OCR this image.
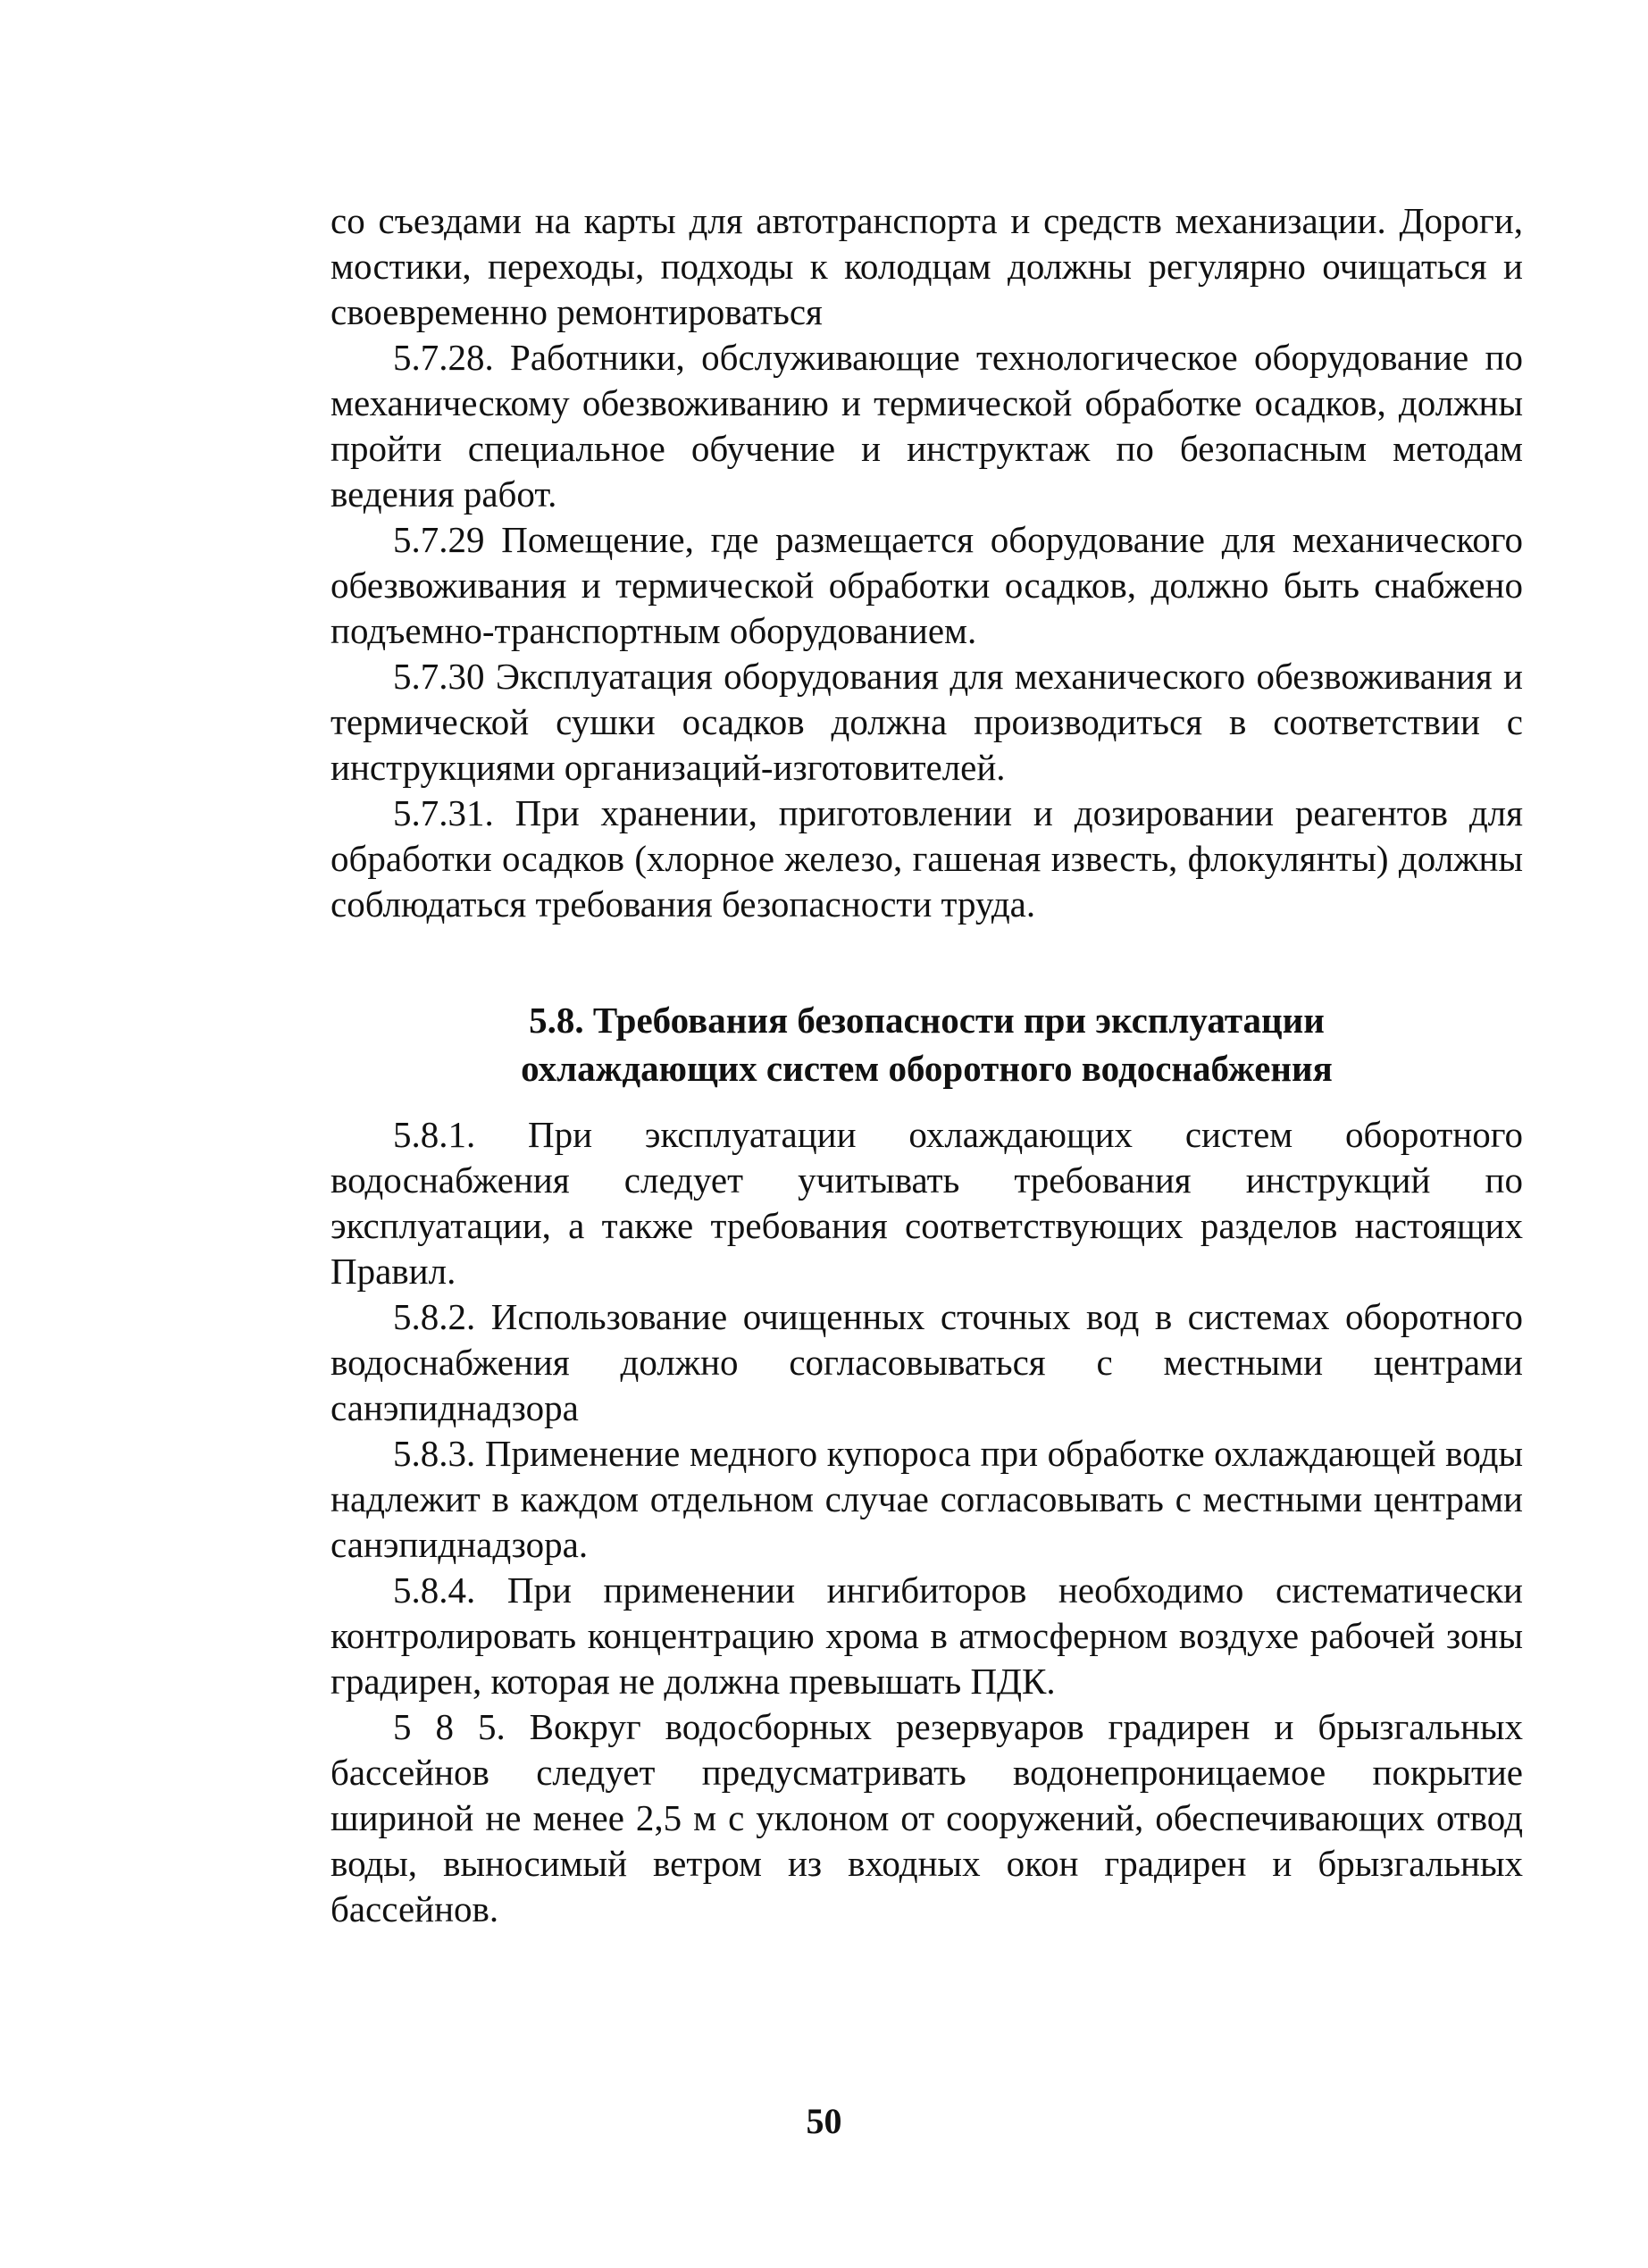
со съездами на карты для автотранспорта и средств механизации. Дороги, мостики, переходы, подходы к колодцам должны регулярно очищаться и своевременно ремонтироваться

5.7.28. Работники, обслуживающие технологическое оборудование по механическому обезвоживанию и термической обработке осадков, должны пройти специальное обучение и инструктаж по безопасным методам ведения работ.

5.7.29 Помещение, где размещается оборудование для механического обезвоживания и термической обработки осадков, должно быть снабжено подъемно-транспортным оборудованием.

5.7.30 Эксплуатация оборудования для механического обезвоживания и термической сушки осадков должна производиться в соответствии с инструкциями организаций-изготовителей.

5.7.31. При хранении, приготовлении и дозировании реагентов для обработки осадков (хлорное железо, гашеная известь, флокулянты) должны соблюдаться требования безопасности труда.

5.8. Требования безопасности при эксплуатации
охлаждающих систем оборотного водоснабжения

5.8.1. При эксплуатации охлаждающих систем оборотного водоснабжения следует учитывать требования инструкций по эксплуатации, а также требования соответствующих разделов настоящих Правил.

5.8.2. Использование очищенных сточных вод в системах оборотного водоснабжения должно согласовываться с местными центрами санэпиднадзора

5.8.3. Применение медного купороса при обработке охлаждающей воды надлежит в каждом отдельном случае согласовывать с местными центрами санэпиднадзора.

5.8.4. При применении ингибиторов необходимо систематически контролировать концентрацию хрома в атмосферном воздухе рабочей зоны градирен, которая не должна превышать ПДК.

5 8 5. Вокруг водосборных резервуаров градирен и брызгальных бассейнов следует предусматривать водонепроницаемое покрытие шириной не менее 2,5 м с уклоном от сооружений, обеспечивающих отвод воды, выносимый ветром из входных окон градирен и брызгальных бассейнов.

50
